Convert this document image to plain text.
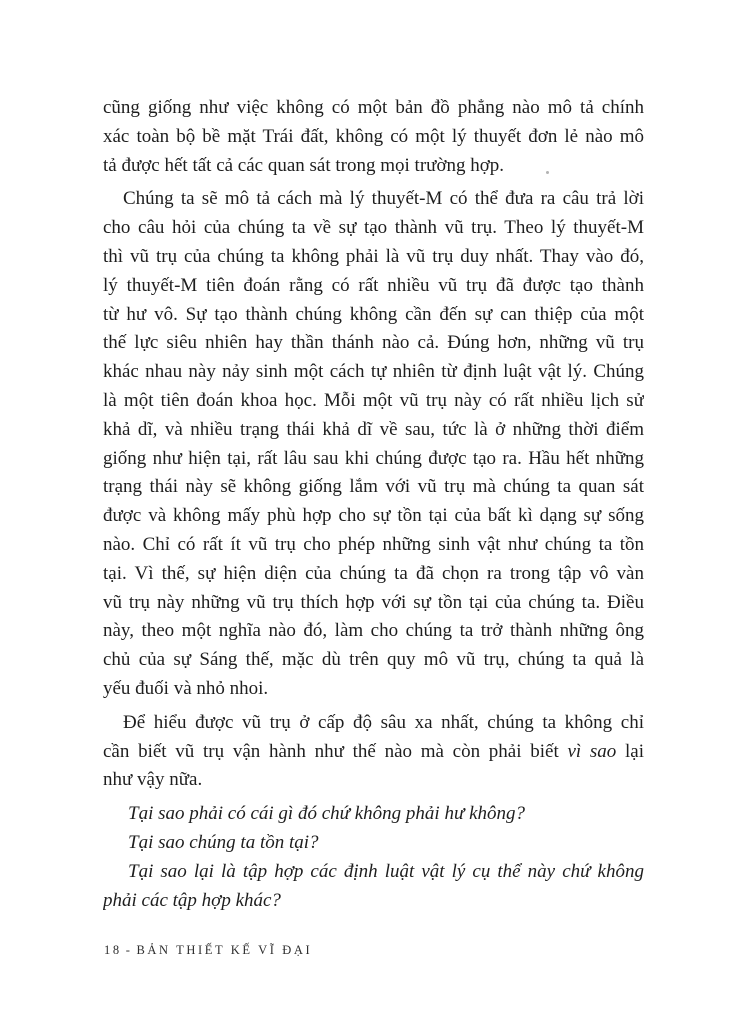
cũng giống như việc không có một bản đồ phẳng nào mô tả chính
xác toàn bộ bề mặt Trái đất, không có một lý thuyết đơn lẻ nào mô
tả được hết tất cả các quan sát trong mọi trường hợp.
Chúng ta sẽ mô tả cách mà lý thuyết-M có thể đưa ra câu trả lời
cho câu hỏi của chúng ta về sự tạo thành vũ trụ. Theo lý thuyết-M
thì vũ trụ của chúng ta không phải là vũ trụ duy nhất. Thay vào đó,
lý thuyết-M tiên đoán rằng có rất nhiều vũ trụ đã được tạo thành
từ hư vô. Sự tạo thành chúng không cần đến sự can thiệp của một
thế lực siêu nhiên hay thần thánh nào cả. Đúng hơn, những vũ trụ
khác nhau này nảy sinh một cách tự nhiên từ định luật vật lý. Chúng
là một tiên đoán khoa học. Mỗi một vũ trụ này có rất nhiều lịch sử
khả dĩ, và nhiều trạng thái khả dĩ về sau, tức là ở những thời điểm
giống như hiện tại, rất lâu sau khi chúng được tạo ra. Hầu hết những
trạng thái này sẽ không giống lắm với vũ trụ mà chúng ta quan sát
được và không mấy phù hợp cho sự tồn tại của bất kì dạng sự sống
nào. Chỉ có rất ít vũ trụ cho phép những sinh vật như chúng ta tồn
tại. Vì thế, sự hiện diện của chúng ta đã chọn ra trong tập vô vàn
vũ trụ này những vũ trụ thích hợp với sự tồn tại của chúng ta. Điều
này, theo một nghĩa nào đó, làm cho chúng ta trở thành những ông
chủ của sự Sáng thế, mặc dù trên quy mô vũ trụ, chúng ta quả là
yếu đuối và nhỏ nhoi.
Để hiểu được vũ trụ ở cấp độ sâu xa nhất, chúng ta không chỉ
cần biết vũ trụ vận hành như thế nào mà còn phải biết vì sao lại
như vậy nữa.
Tại sao phải có cái gì đó chứ không phải hư không?
Tại sao chúng ta tồn tại?
Tại sao lại là tập hợp các định luật vật lý cụ thể này chứ không
phải các tập hợp khác?
18 - BẢN THIẾT KẾ VĨ ĐẠI
